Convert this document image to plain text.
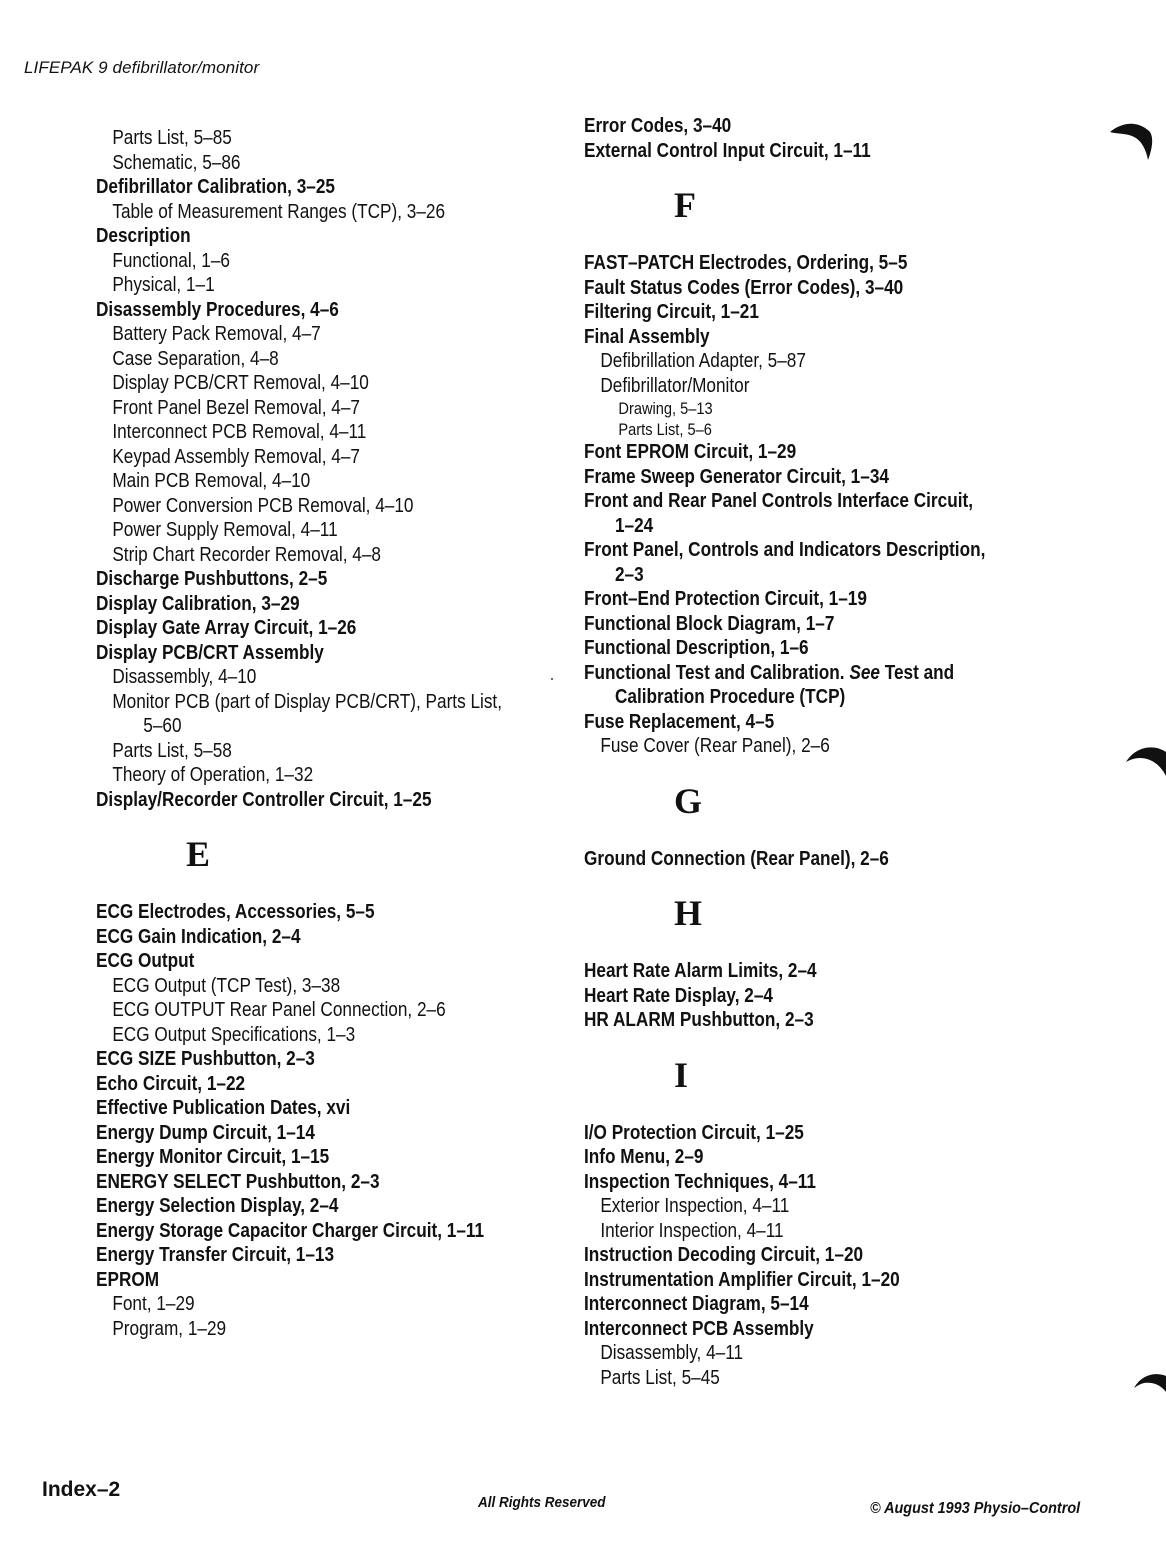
LIFEPAK 9 defibrillator/monitor
Parts List, 5–85
Schematic, 5–86
Defibrillator Calibration, 3–25
Table of Measurement Ranges (TCP), 3–26
Description
Functional, 1–6
Physical, 1–1
Disassembly Procedures, 4–6
Battery Pack Removal, 4–7
Case Separation, 4–8
Display PCB/CRT Removal, 4–10
Front Panel Bezel Removal, 4–7
Interconnect PCB Removal, 4–11
Keypad Assembly Removal, 4–7
Main PCB Removal, 4–10
Power Conversion PCB Removal, 4–10
Power Supply Removal, 4–11
Strip Chart Recorder Removal, 4–8
Discharge Pushbuttons, 2–5
Display Calibration, 3–29
Display Gate Array Circuit, 1–26
Display PCB/CRT Assembly
Disassembly, 4–10
Monitor PCB (part of Display PCB/CRT), Parts List,
5–60
Parts List, 5–58
Theory of Operation, 1–32
Display/Recorder Controller Circuit, 1–25
E
ECG Electrodes, Accessories, 5–5
ECG Gain Indication, 2–4
ECG Output
ECG Output (TCP Test), 3–38
ECG OUTPUT Rear Panel Connection, 2–6
ECG Output Specifications, 1–3
ECG SIZE Pushbutton, 2–3
Echo Circuit, 1–22
Effective Publication Dates, xvi
Energy Dump Circuit, 1–14
Energy Monitor Circuit, 1–15
ENERGY SELECT Pushbutton, 2–3
Energy Selection Display, 2–4
Energy Storage Capacitor Charger Circuit, 1–11
Energy Transfer Circuit, 1–13
EPROM
Font, 1–29
Program, 1–29
Error Codes, 3–40
External Control Input Circuit, 1–11
F
FAST–PATCH Electrodes, Ordering, 5–5
Fault Status Codes (Error Codes), 3–40
Filtering Circuit, 1–21
Final Assembly
Defibrillation Adapter, 5–87
Defibrillator/Monitor
Drawing, 5–13
Parts List, 5–6
Font EPROM Circuit, 1–29
Frame Sweep Generator Circuit, 1–34
Front and Rear Panel Controls Interface Circuit,
1–24
Front Panel, Controls and Indicators Description,
2–3
Front–End Protection Circuit, 1–19
Functional Block Diagram, 1–7
Functional Description, 1–6
Functional Test and Calibration. See Test and
Calibration Procedure (TCP)
Fuse Replacement, 4–5
Fuse Cover (Rear Panel), 2–6
G
Ground Connection (Rear Panel), 2–6
H
Heart Rate Alarm Limits, 2–4
Heart Rate Display, 2–4
HR ALARM Pushbutton, 2–3
I
I/O Protection Circuit, 1–25
Info Menu, 2–9
Inspection Techniques, 4–11
Exterior Inspection, 4–11
Interior Inspection, 4–11
Instruction Decoding Circuit, 1–20
Instrumentation Amplifier Circuit, 1–20
Interconnect Diagram, 5–14
Interconnect PCB Assembly
Disassembly, 4–11
Parts List, 5–45
Index–2
All Rights Reserved	© August 1993 Physio–Control
